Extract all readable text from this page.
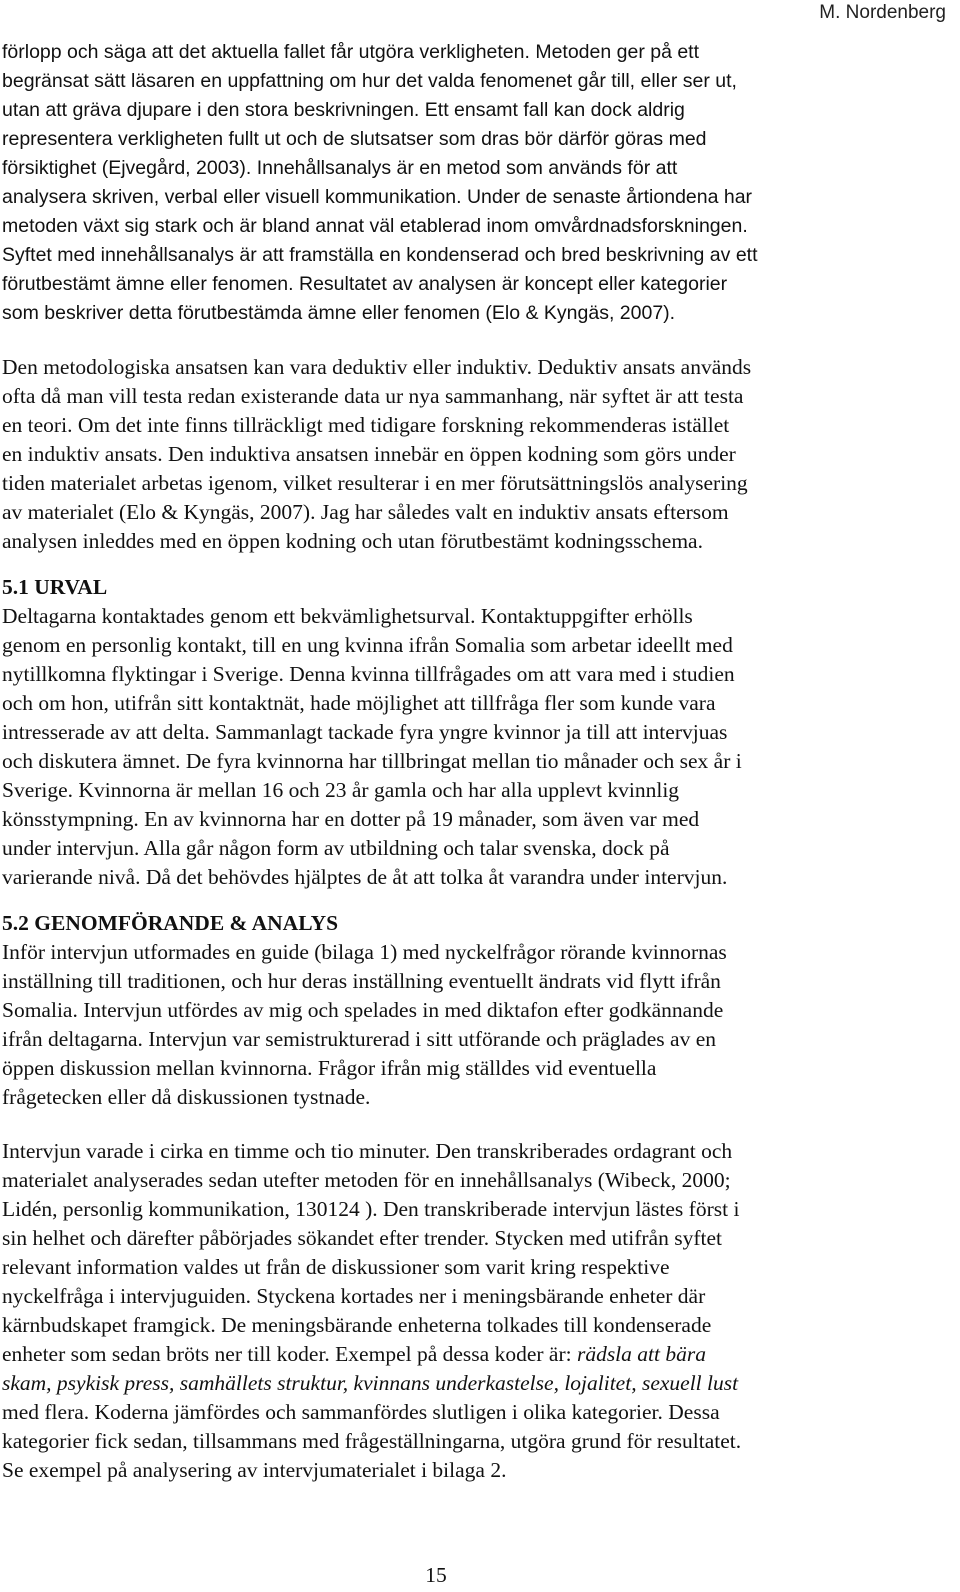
M. Nordenberg
förlopp och säga att det aktuella fallet får utgöra verkligheten. Metoden ger på ett
begränsat sätt läsaren en uppfattning om hur det valda fenomenet går till, eller ser ut,
utan att gräva djupare i den stora beskrivningen. Ett ensamt fall kan dock aldrig
representera verkligheten fullt ut och de slutsatser som dras bör därför göras med
försiktighet (Ejvegård, 2003). Innehållsanalys är en metod som används för att
analysera skriven, verbal eller visuell kommunikation. Under de senaste årtiondena har
metoden växt sig stark och är bland annat väl etablerad inom omvårdnadsforskningen.
Syftet med innehållsanalys är att framställa en kondenserad och bred beskrivning av ett
förutbestämt ämne eller fenomen. Resultatet av analysen är koncept eller kategorier
som beskriver detta förutbestämda ämne eller fenomen (Elo & Kyngäs, 2007).
Den metodologiska ansatsen kan vara deduktiv eller induktiv. Deduktiv ansats används
ofta då man vill testa redan existerande data ur nya sammanhang, när syftet är att testa
en teori. Om det inte finns tillräckligt med tidigare forskning rekommenderas istället
en induktiv ansats. Den induktiva ansatsen innebär en öppen kodning som görs under
tiden materialet arbetas igenom, vilket resulterar i en mer förutsättningslös analysering
av materialet (Elo & Kyngäs, 2007). Jag har således valt en induktiv ansats eftersom
analysen inleddes med en öppen kodning och utan förutbestämt kodningsschema.
5.1 URVAL
Deltagarna kontaktades genom ett bekvämlighetsurval. Kontaktuppgifter erhölls
genom en personlig kontakt, till en ung kvinna ifrån Somalia som arbetar ideellt med
nytillkomna flyktingar i Sverige. Denna kvinna tillfrågades om att vara med i studien
och om hon, utifrån sitt kontaktnät, hade möjlighet att tillfråga fler som kunde vara
intresserade av att delta. Sammanlagt tackade fyra yngre kvinnor ja till att intervjuas
och diskutera ämnet. De fyra kvinnorna har tillbringat mellan tio månader och sex år i
Sverige. Kvinnorna är mellan 16 och 23 år gamla och har alla upplevt kvinnlig
könsstympning. En av kvinnorna har en dotter på 19 månader, som även var med
under intervjun. Alla går någon form av utbildning och talar svenska, dock på
varierande nivå. Då det behövdes hjälptes de åt att tolka åt varandra under intervjun.
5.2 GENOMFÖRANDE & ANALYS
Inför intervjun utformades en guide (bilaga 1) med nyckelfrågor rörande kvinnornas
inställning till traditionen, och hur deras inställning eventuellt ändrats vid flytt ifrån
Somalia. Intervjun utfördes av mig och spelades in med diktafon efter godkännande
ifrån deltagarna. Intervjun var semistrukturerad i sitt utförande och präglades av en
öppen diskussion mellan kvinnorna. Frågor ifrån mig ställdes vid eventuella
frågetecken eller då diskussionen tystnade.
Intervjun varade i cirka en timme och tio minuter. Den transkriberades ordagrant och
materialet analyserades sedan utefter metoden för en innehållsanalys (Wibeck, 2000;
Lidén, personlig kommunikation, 130124 ). Den transkriberade intervjun lästes först i
sin helhet och därefter påbörjades sökandet efter trender. Stycken med utifrån syftet
relevant information valdes ut från de diskussioner som varit kring respektive
nyckelfråga i intervjuguiden. Styckena kortades ner i meningsbärande enheter där
kärnbudskapet framgick. De meningsbärande enheterna tolkades till kondenserade
enheter som sedan bröts ner till koder. Exempel på dessa koder är: rädsla att bära
skam, psykisk press, samhällets struktur, kvinnans underkastelse, lojalitet, sexuell lust
med flera. Koderna jämfördes och sammanfördes slutligen i olika kategorier. Dessa
kategorier fick sedan, tillsammans med frågeställningarna, utgöra grund för resultatet.
Se exempel på analysering av intervjumaterialet i bilaga 2.
15
